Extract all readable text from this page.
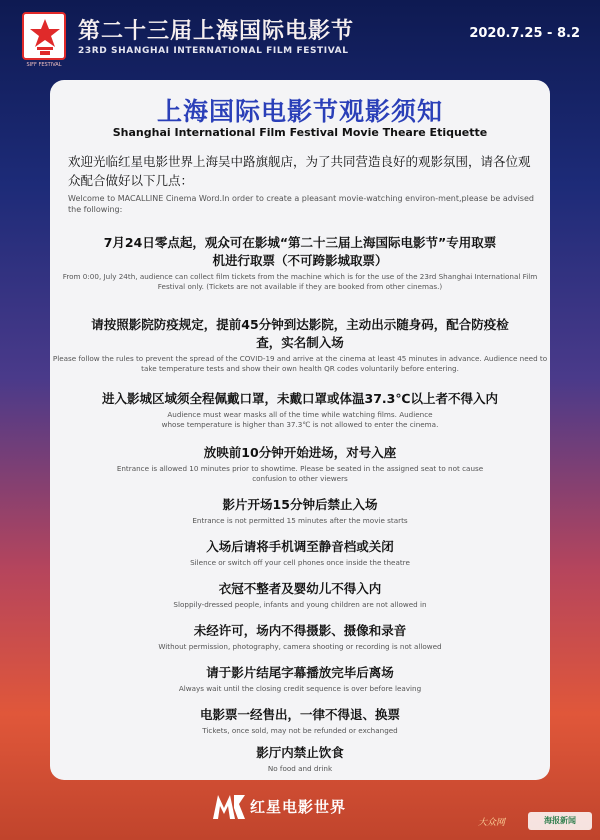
SIFF FESTIVAL
第二十三届上海国际电影节
23RD SHANGHAI INTERNATIONAL FILM FESTIVAL
2020.7.25 - 8.2
上海国际电影节观影须知
Shanghai International Film Festival Movie Theare Etiquette
欢迎光临红星电影世界上海吴中路旗舰店，为了共同营造良好的观影氛围，请各位观众配合做好以下几点：
Welcome to MACALLINE Cinema Word.In order to create a pleasant movie-watching environ-ment,please be advised the following:
7月24日零点起，观众可在影城“第二十三届上海国际电影节”专用取票机进行取票（不可跨影城取票）
From 0:00, July 24th, audience can collect film tickets from the machine which is for the use of the 23rd Shanghai International Film Festival only. (Tickets are not available if they are booked from other cinemas.)
请按照影院防疫规定，提前45分钟到达影院，主动出示随身码，配合防疫检查，实名制入场
Please follow the rules to prevent the spread of the COVID-19 and arrive at the cinema at least 45 minutes in advance. Audience need to take temperature tests and show their own health QR codes voluntarily before entering.
进入影城区域须全程佩戴口罩，未戴口罩或体温37.3℃以上者不得入内
Audience must wear masks all of the time while watching films. Audience whose temperature is higher than 37.3℃ is not allowed to enter the cinema.
放映前10分钟开始进场，对号入座
Entrance is allowed 10 minutes prior to showtime. Please be seated in the assigned seat to not cause confusion to other viewers
影片开场15分钟后禁止入场
Entrance is not permitted 15 minutes after the movie starts
入场后请将手机调至静音档或关闭
Silence or switch off your cell phones once inside the theatre
衣冠不整者及婴幼儿不得入内
Sloppily-dressed people, infants and young children are not allowed in
未经许可，场内不得摄影、摄像和录音
Without permission, photography, camera shooting or recording is not allowed
请于影片结尾字幕播放完毕后离场
Always wait until the closing credit sequence is over before leaving
电影票一经售出，一律不得退、换票
Tickets, once sold, may not be refunded or exchanged
影厅内禁止饮食
No food and drink
红星电影世界
大众网	海报新闻
